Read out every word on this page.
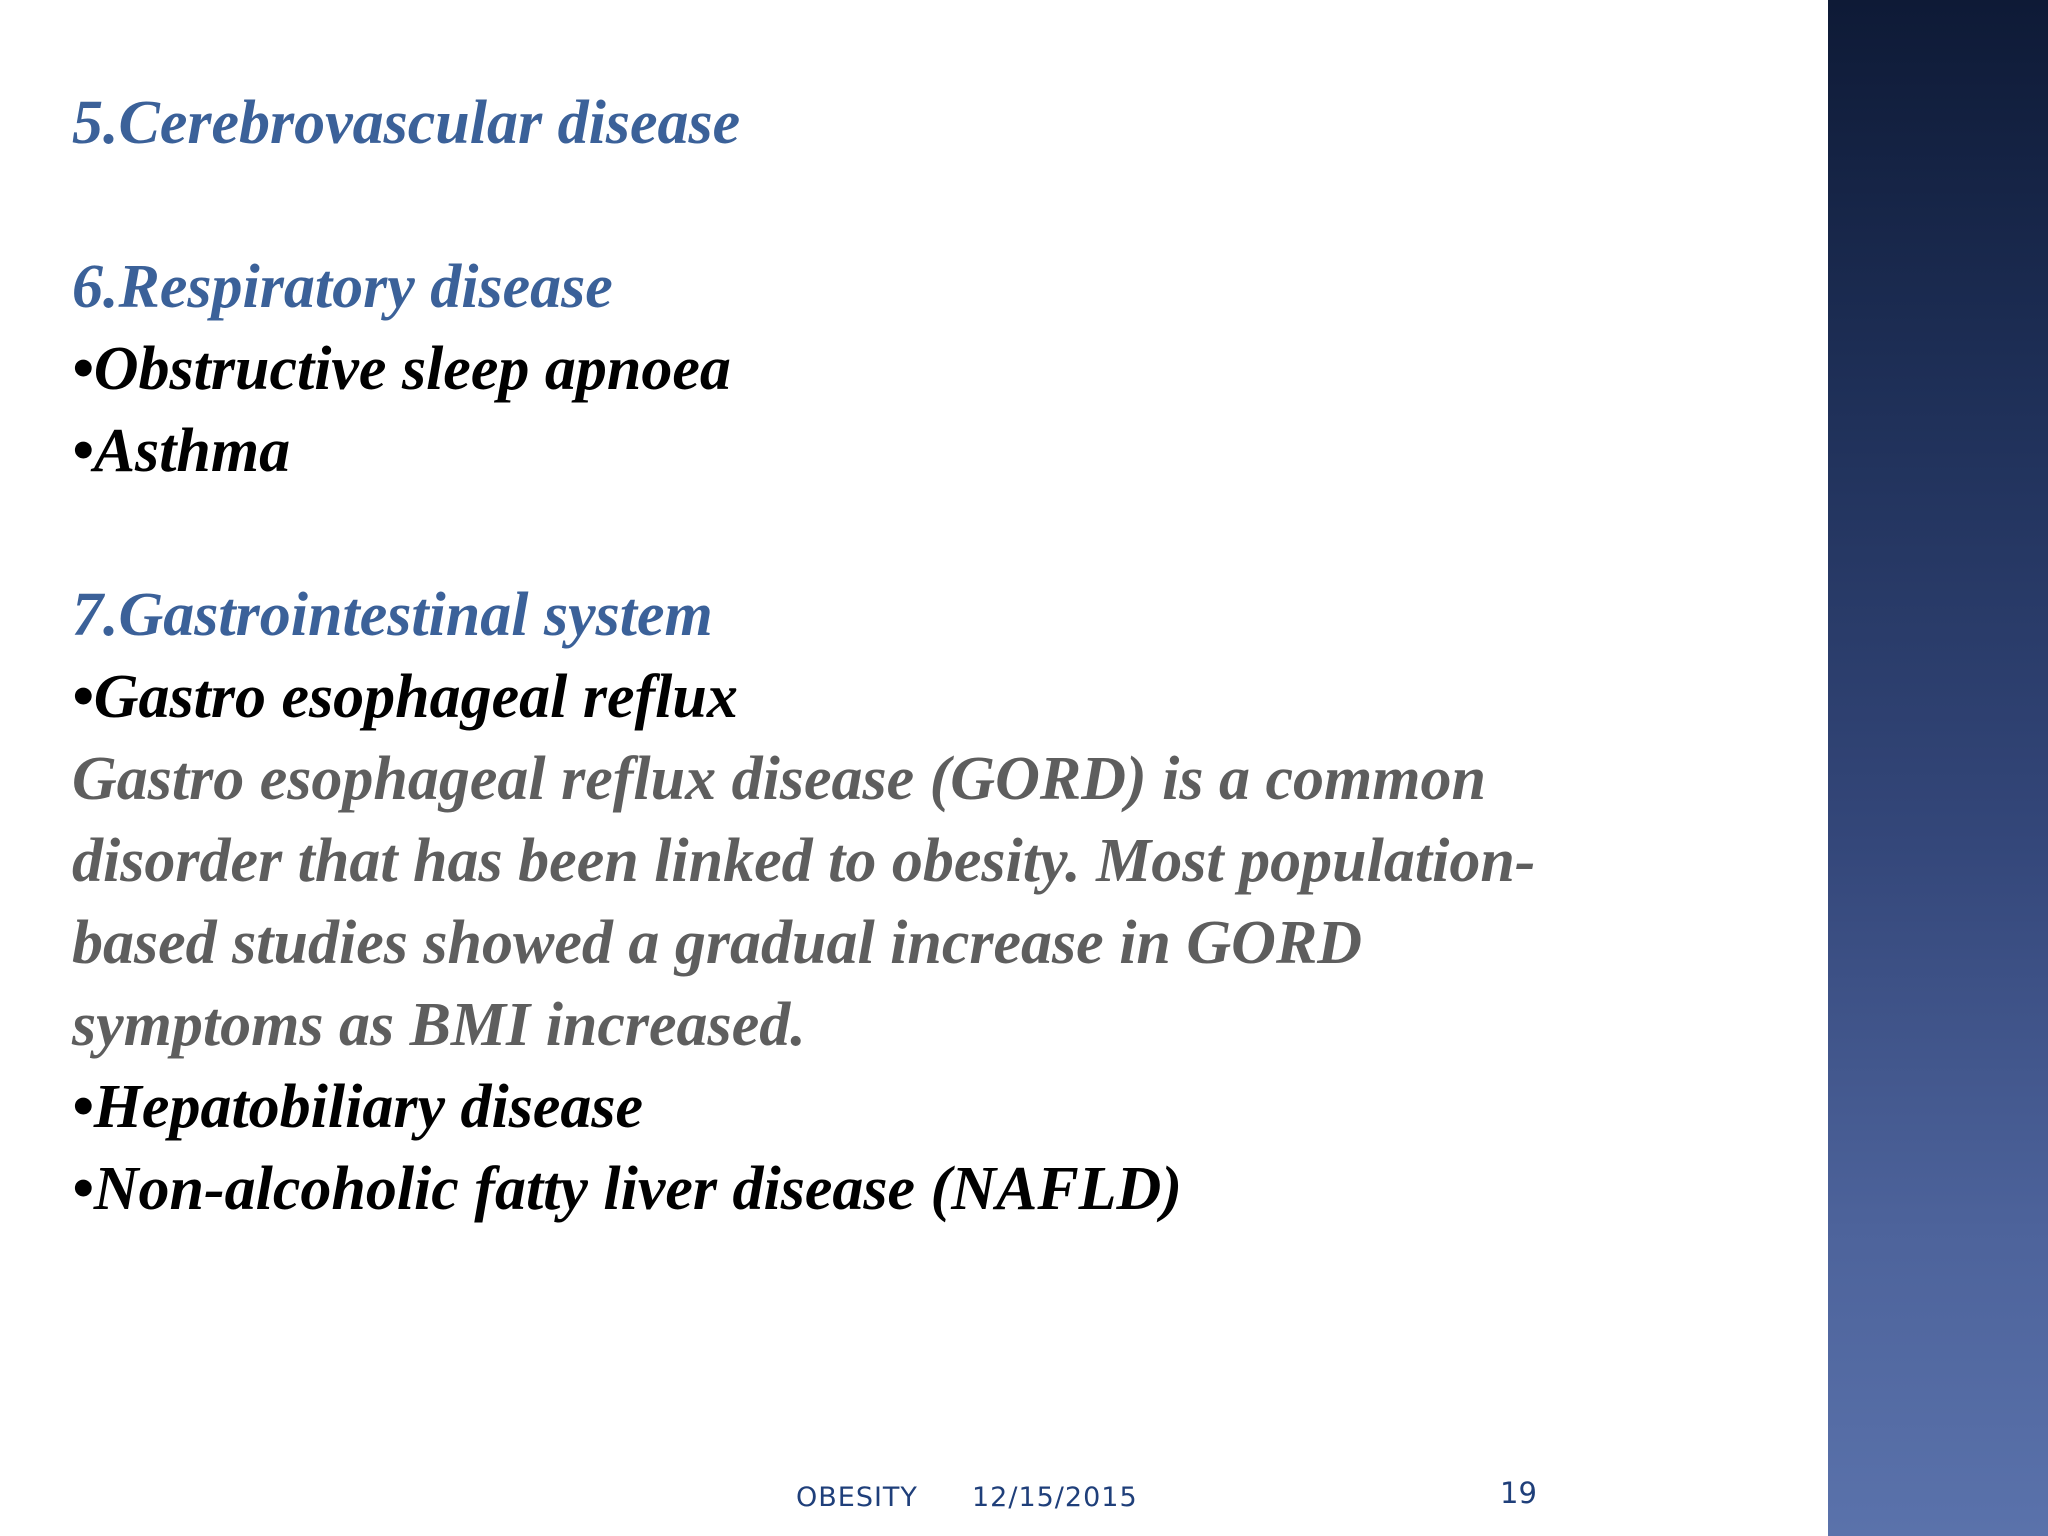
5.Cerebrovascular disease
6.Respiratory disease
•Obstructive sleep apnoea
•Asthma
7.Gastrointestinal system
•Gastro esophageal reflux
Gastro esophageal reflux disease (GORD) is a common
disorder that has been linked to obesity. Most population-
based studies showed a gradual increase in GORD
symptoms as BMI increased.
•Hepatobiliary disease
•Non-alcoholic fatty liver disease (NAFLD)
OBESITY 12/15/2015	19
